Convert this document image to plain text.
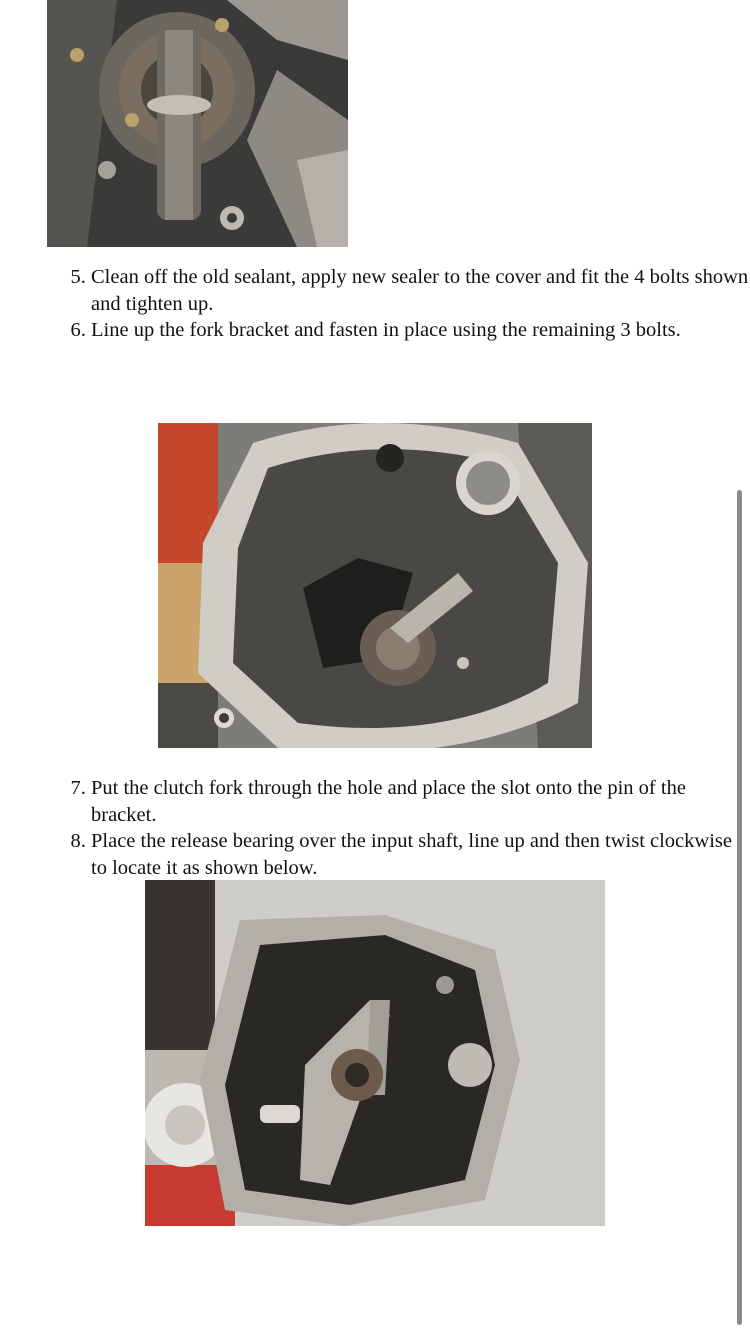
5. Clean off the old sealant, apply new sealer to the cover and fit the 4 bolts shown and tighten up.
6. Line up the fork bracket and fasten in place using the remaining 3 bolts.
7. Put the clutch fork through the hole and place the slot onto the pin of the bracket.
8. Place the release bearing over the input shaft, line up and then twist clockwise to locate it as shown below.
